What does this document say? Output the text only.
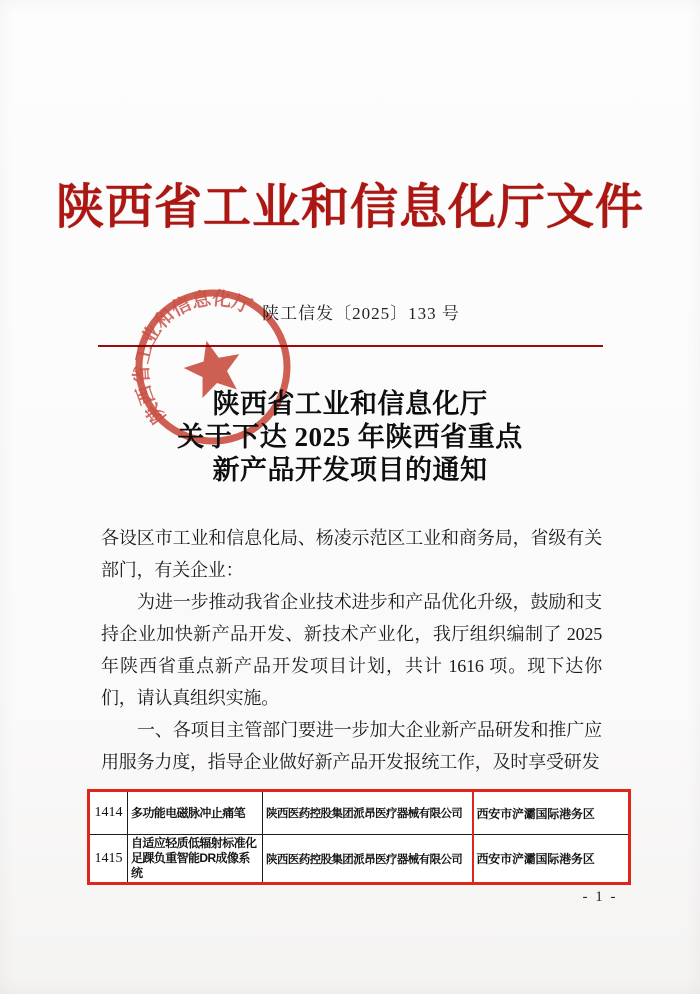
陕西省工业和信息化厅文件
陕工信发〔2025〕133 号
陕西省工业和信息化厅
陕西省工业和信息化厅
关于下达 2025 年陕西省重点
新产品开发项目的通知

各设区市工业和信息化局、杨凌示范区工业和商务局，省级有关部门，有关企业：

为进一步推动我省企业技术进步和产品优化升级，鼓励和支持企业加快新产品开发、新技术产业化，我厅组织编制了 2025 年陕西省重点新产品开发项目计划，共计 1616 项。现下达你们，请认真组织实施。

一、各项目主管部门要进一步加大企业新产品研发和推广应用服务力度，指导企业做好新产品开发报统工作，及时享受研发

1414	多功能电磁脉冲止痛笔	陕西医药控股集团派昂医疗器械有限公司	西安市浐灞国际港务区
1415	自适应轻质低辐射标准化足踝负重智能DR成像系统	陕西医药控股集团派昂医疗器械有限公司	西安市浐灞国际港务区
- 1 -
